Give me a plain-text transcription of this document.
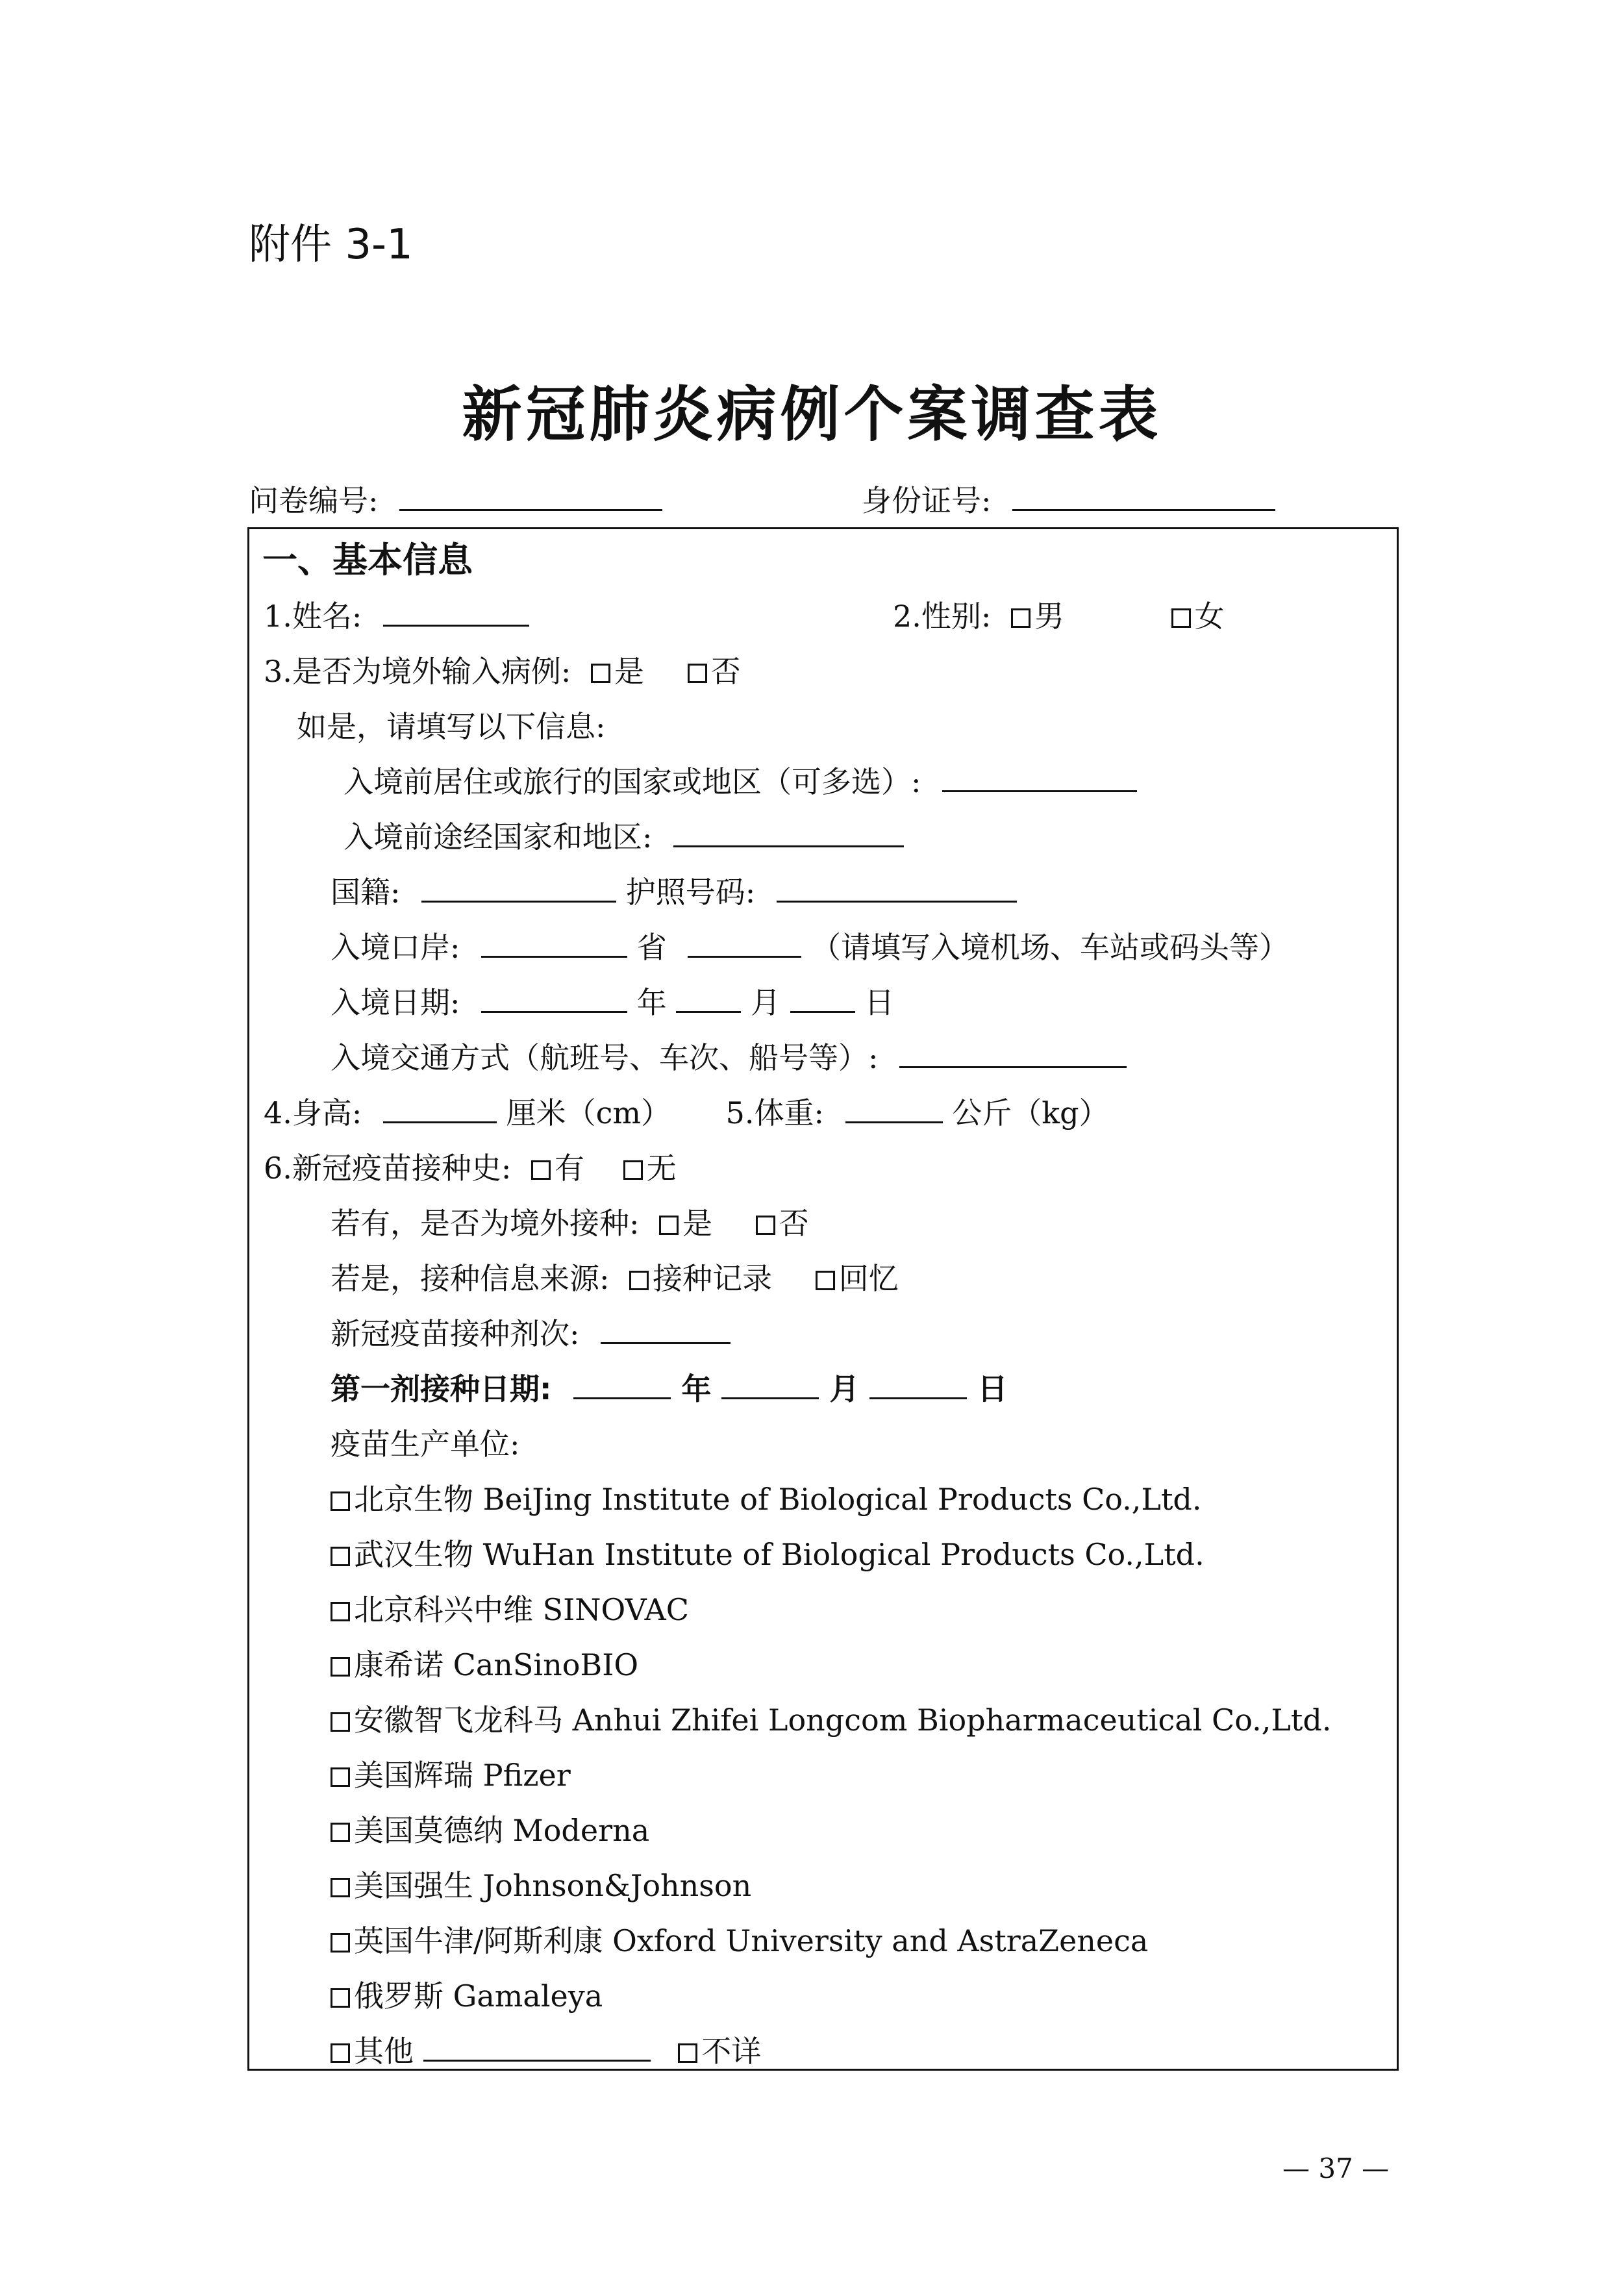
附件 3-1
新冠肺炎病例个案调查表
问卷编号:	身份证号:
一、基本信息
1.姓名:	2.性别: 男	女
3.是否为境外输入病例: 是 否
如是，请填写以下信息:
入境前居住或旅行的国家或地区（可多选）:
入境前途经国家和地区:
国籍:	护照号码:
入境口岸:	省	（请填写入境机场、车站或码头等）
入境日期:	年	月	日
入境交通方式（航班号、车次、船号等）:
4.身高:	厘米（cm） 5.体重:	公斤（kg）
6.新冠疫苗接种史: 有 无
若有，是否为境外接种: 是 否
若是，接种信息来源: 接种记录 回忆
新冠疫苗接种剂次:
第一剂接种日期:	年	月	日
疫苗生产单位:
北京生物 BeiJing Institute of Biological Products Co.,Ltd.
武汉生物 WuHan Institute of Biological Products Co.,Ltd.
北京科兴中维 SINOVAC
康希诺 CanSinoBIO
安徽智飞龙科马 Anhui Zhifei Longcom Biopharmaceutical Co.,Ltd.
美国辉瑞 Pfizer
美国莫德纳 Moderna
美国强生 Johnson&Johnson
英国牛津/阿斯利康 Oxford University and AstraZeneca
俄罗斯 Gamaleya
其他	不详
— 37 —
